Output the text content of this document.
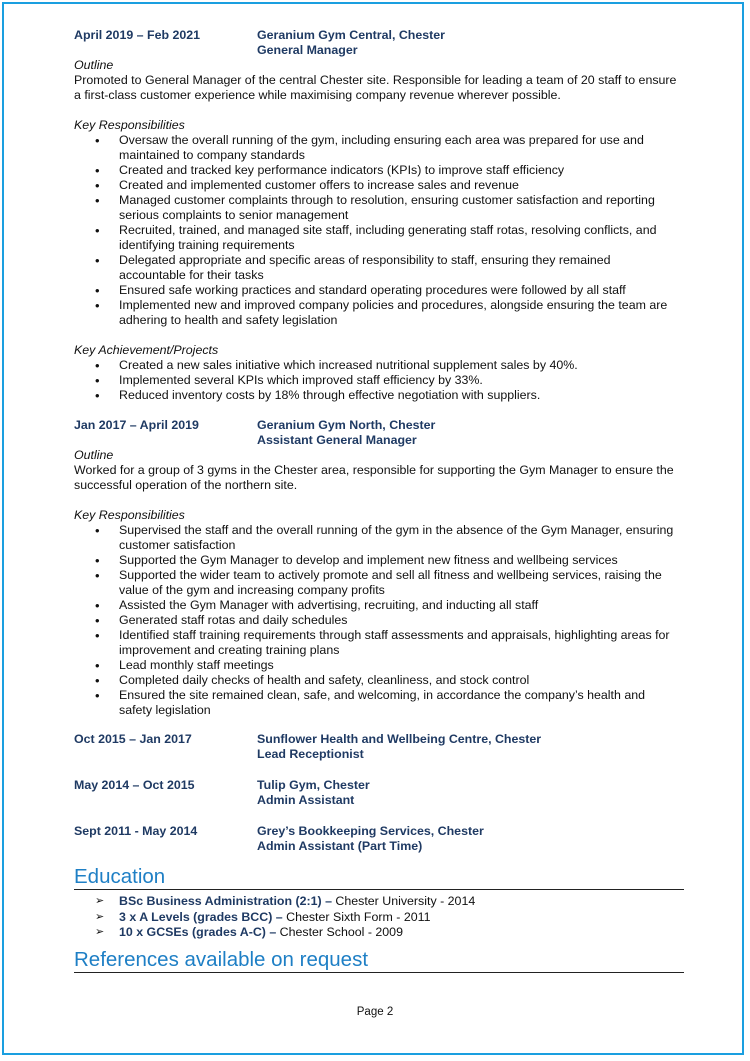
April 2019 – Feb 2021	Geranium Gym Central, Chester
General Manager
Outline

Promoted to General Manager of the central Chester site. Responsible for leading a team of 20 staff to ensure a first-class customer experience while maximising company revenue wherever possible.

Key Responsibilities
• Oversaw the overall running of the gym, including ensuring each area was prepared for use and maintained to company standards
• Created and tracked key performance indicators (KPIs) to improve staff efficiency
• Created and implemented customer offers to increase sales and revenue
• Managed customer complaints through to resolution, ensuring customer satisfaction and reporting serious complaints to senior management
• Recruited, trained, and managed site staff, including generating staff rotas, resolving conflicts, and identifying training requirements
• Delegated appropriate and specific areas of responsibility to staff, ensuring they remained accountable for their tasks
• Ensured safe working practices and standard operating procedures were followed by all staff
• Implemented new and improved company policies and procedures, alongside ensuring the team are adhering to health and safety legislation
Key Achievement/Projects
• Created a new sales initiative which increased nutritional supplement sales by 40%.
• Implemented several KPIs which improved staff efficiency by 33%.
• Reduced inventory costs by 18% through effective negotiation with suppliers.
Jan 2017 – April 2019	Geranium Gym North, Chester
Assistant General Manager
Outline

Worked for a group of 3 gyms in the Chester area, responsible for supporting the Gym Manager to ensure the successful operation of the northern site.

Key Responsibilities
• Supervised the staff and the overall running of the gym in the absence of the Gym Manager, ensuring customer satisfaction
• Supported the Gym Manager to develop and implement new fitness and wellbeing services
• Supported the wider team to actively promote and sell all fitness and wellbeing services, raising the value of the gym and increasing company profits
• Assisted the Gym Manager with advertising, recruiting, and inducting all staff
• Generated staff rotas and daily schedules
• Identified staff training requirements through staff assessments and appraisals, highlighting areas for improvement and creating training plans
• Lead monthly staff meetings
• Completed daily checks of health and safety, cleanliness, and stock control
• Ensured the site remained clean, safe, and welcoming, in accordance the company’s health and safety legislation
Oct 2015 – Jan 2017	Sunflower Health and Wellbeing Centre, Chester
Lead Receptionist
May 2014 – Oct 2015	Tulip Gym, Chester
Admin Assistant
Sept 2011 - May 2014	Grey’s Bookkeeping Services, Chester
Admin Assistant (Part Time)
Education
➢ BSc Business Administration (2:1) – Chester University - 2014
➢ 3 x A Levels (grades BCC) – Chester Sixth Form - 2011
➢ 10 x GCSEs (grades A-C) – Chester School - 2009
References available on request
Page 2
